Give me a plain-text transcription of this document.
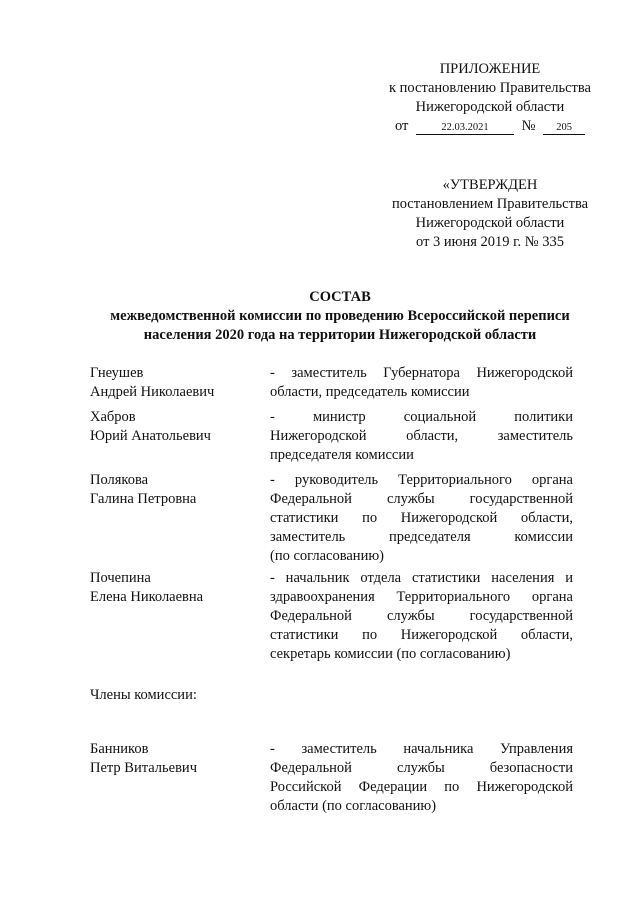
ПРИЛОЖЕНИЕ
к постановлению Правительства
Нижегородской области
от	22.03.2021 № 205
«УТВЕРЖДЕН
постановлением Правительства
Нижегородской области
от 3 июня 2019 г. № 335
СОСТАВ
межведомственной комиссии по проведению Всероссийской переписи
населения 2020 года на территории Нижегородской области
Гнеушев
Андрей Николаевич
- заместитель Губернатора Нижегородской
области, председатель комиссии
Хабров
Юрий Анатольевич
- министр социальной политики
Нижегородской области, заместитель
председателя комиссии
Полякова
Галина Петровна
- руководитель Территориального органа
Федеральной службы государственной
статистики по Нижегородской области,
заместитель председателя комиссии
(по согласованию)
Почепина
Елена Николаевна
- начальник отдела статистики населения и
здравоохранения Территориального органа
Федеральной службы государственной
статистики по Нижегородской области,
секретарь комиссии (по согласованию)
Члены комиссии:
Банников
Петр Витальевич
- заместитель начальника Управления
Федеральной службы безопасности
Российской Федерации по Нижегородской
области (по согласованию)
